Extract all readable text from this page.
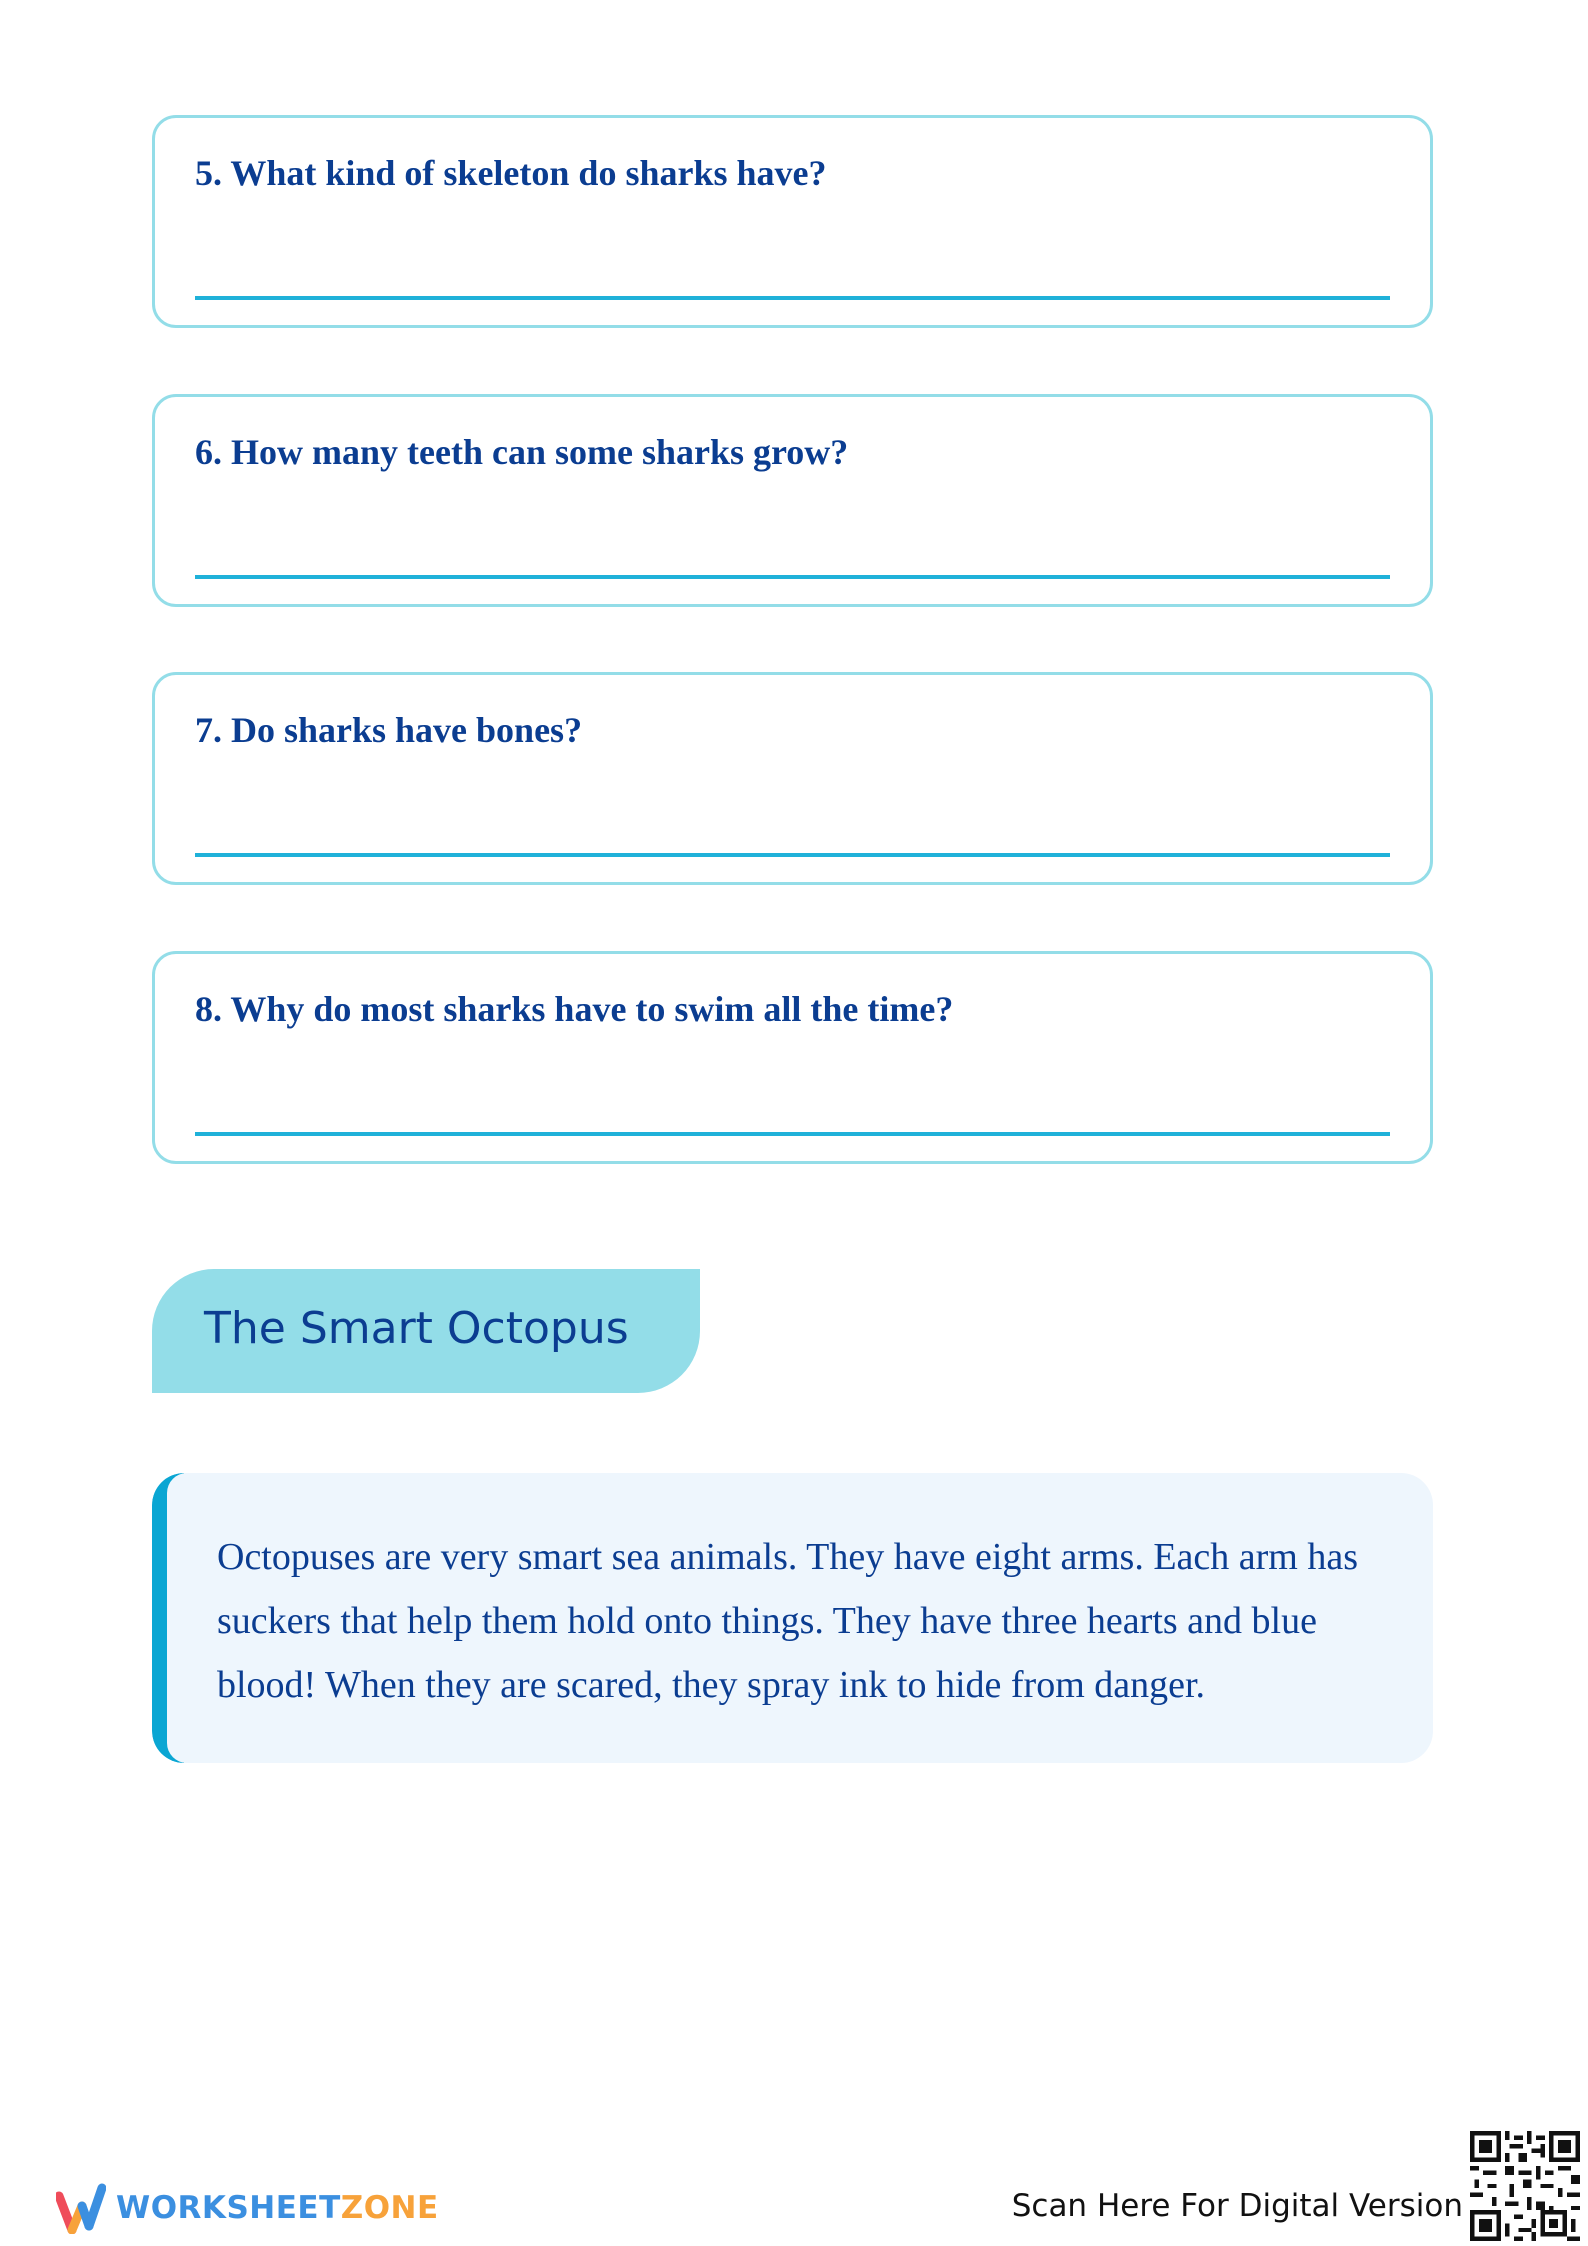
5. What kind of skeleton do sharks have?
6. How many teeth can some sharks grow?
7. Do sharks have bones?
8. Why do most sharks have to swim all the time?
The Smart Octopus

Octopuses are very smart sea animals. They have eight arms. Each arm has suckers that help them hold onto things. They have three hearts and blue blood! When they are scared, they spray ink to hide from danger.

WORKSHEETZONE	Scan Here For Digital Version
